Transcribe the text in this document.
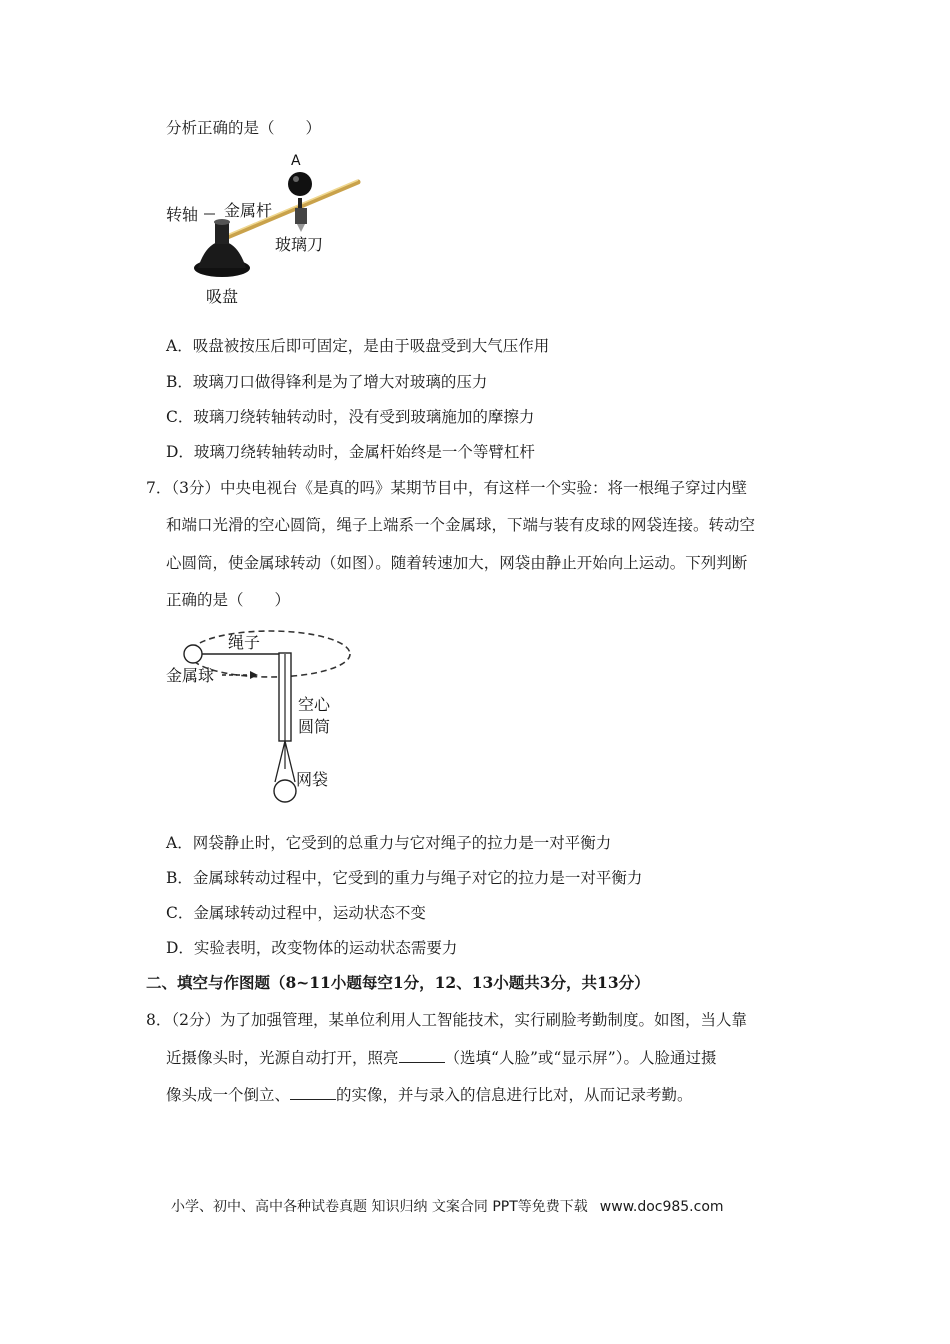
分析正确的是（　　）
A
转轴 金属杆
玻璃刀
吸盘
A．吸盘被按压后即可固定，是由于吸盘受到大气压作用
B．玻璃刀口做得锋利是为了增大对玻璃的压力
C．玻璃刀绕转轴转动时，没有受到玻璃施加的摩擦力
D．玻璃刀绕转轴转动时，金属杆始终是一个等臂杠杆
7．（3分）中央电视台《是真的吗》某期节目中，有这样一个实验：将一根绳子穿过内壁
和端口光滑的空心圆筒，绳子上端系一个金属球，下端与装有皮球的网袋连接。转动空
心圆筒，使金属球转动（如图）。随着转速加大，网袋由静止开始向上运动。下列判断
正确的是（　　）
绳子
金属球
空心
圆筒
网袋
A．网袋静止时，它受到的总重力与它对绳子的拉力是一对平衡力
B．金属球转动过程中，它受到的重力与绳子对它的拉力是一对平衡力
C．金属球转动过程中，运动状态不变
D．实验表明，改变物体的运动状态需要力
二、填空与作图题（8~11小题每空1分，12、13小题共3分，共13分）
8．（2分）为了加强管理，某单位利用人工智能技术，实行刷脸考勤制度。如图，当人靠
近摄像头时，光源自动打开，照亮	（选填“人脸”或“显示屏”）。人脸通过摄
像头成一个倒立、	的实像，并与录入的信息进行比对，从而记录考勤。
小学、初中、高中各种试卷真题 知识归纳 文案合同 PPT等免费下载 www.doc985.com
